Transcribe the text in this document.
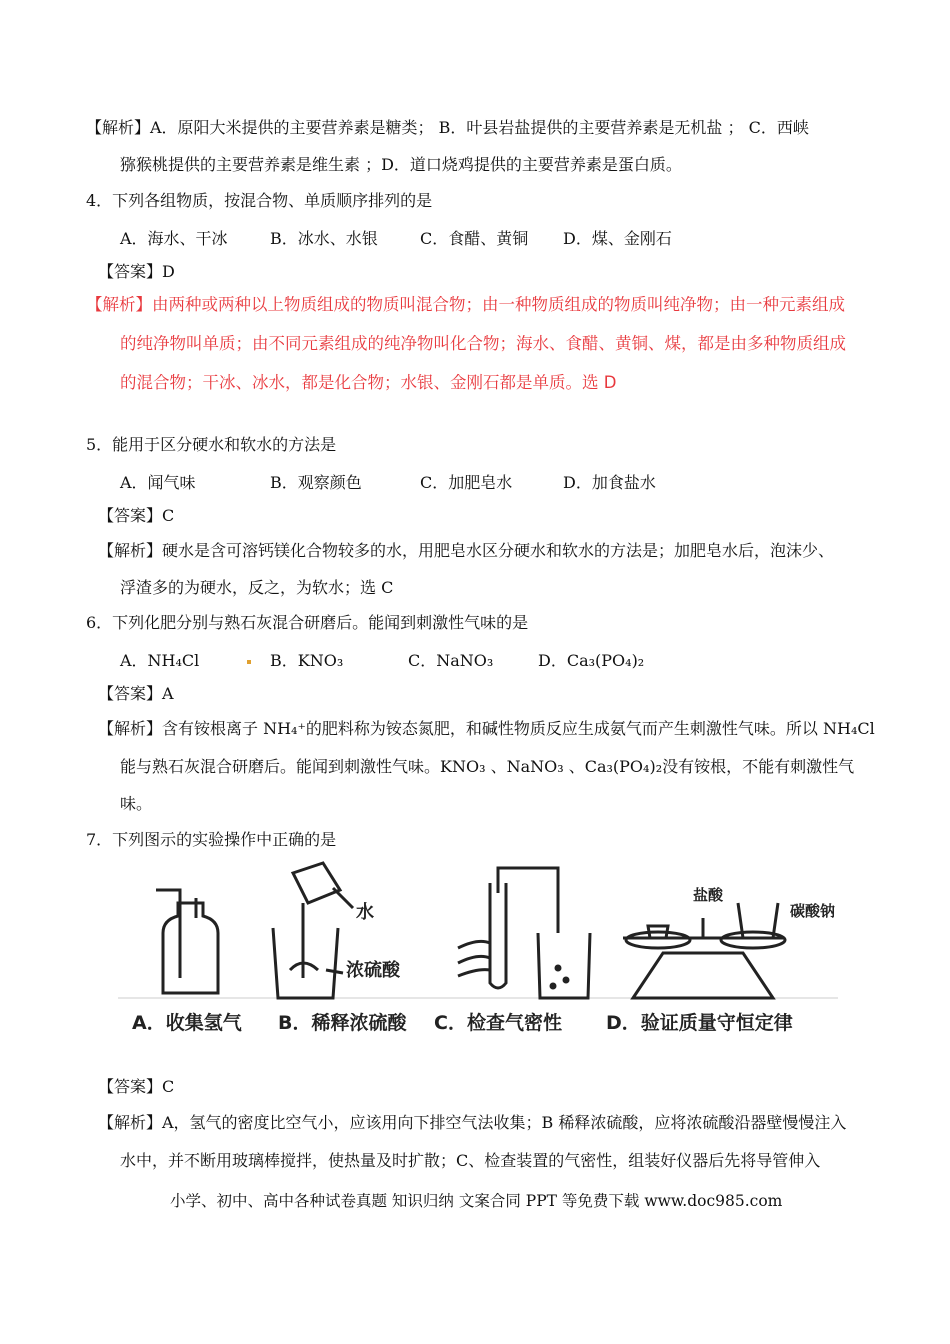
【解析】A．原阳大米提供的主要营养素是糖类； B．叶县岩盐提供的主要营养素是无机盐 ； C．西峡
猕猴桃提供的主要营养素是维生素 ；D．道口烧鸡提供的主要营养素是蛋白质。
4．下列各组物质，按混合物、单质顺序排列的是
A．海水、干冰	B．冰水、水银	C．食醋、黄铜 D．煤、金刚石
【答案】D
【解析】由两种或两种以上物质组成的物质叫混合物；由一种物质组成的物质叫纯净物；由一种元素组成
的纯净物叫单质；由不同元素组成的纯净物叫化合物；海水、食醋、黄铜、煤，都是由多种物质组成
的混合物；干冰、冰水，都是化合物；水银、金刚石都是单质。选 D
5．能用于区分硬水和软水的方法是
A．闻气味	B．观察颜色	C．加肥皂水	D．加食盐水
【答案】C
【解析】硬水是含可溶钙镁化合物较多的水，用肥皂水区分硬水和软水的方法是；加肥皂水后，泡沫少、
浮渣多的为硬水，反之，为软水；选 C
6．下列化肥分别与熟石灰混合研磨后。能闻到刺激性气味的是
A．NH₄Cl	B．KNO₃	C．NaNO₃	D．Ca₃(PO₄)₂
【答案】A
【解析】含有铵根离子 NH₄⁺的肥料称为铵态氮肥，和碱性物质反应生成氨气而产生刺激性气味。所以 NH₄Cl
能与熟石灰混合研磨后。能闻到刺激性气味。KNO₃ 、NaNO₃ 、Ca₃(PO₄)₂没有铵根，不能有刺激性气
味。
7．下列图示的实验操作中正确的是
水
浓硫酸
盐酸
碳酸钠
A．收集氢气 B．稀释浓硫酸 C．检查气密性 D．验证质量守恒定律
【答案】C
【解析】A，氢气的密度比空气小，应该用向下排空气法收集；B 稀释浓硫酸，应将浓硫酸沿器壁慢慢注入
水中，并不断用玻璃棒搅拌，使热量及时扩散；C、检查装置的气密性，组装好仪器后先将导管伸入
小学、初中、高中各种试卷真题 知识归纳 文案合同 PPT 等免费下载 www.doc985.com
